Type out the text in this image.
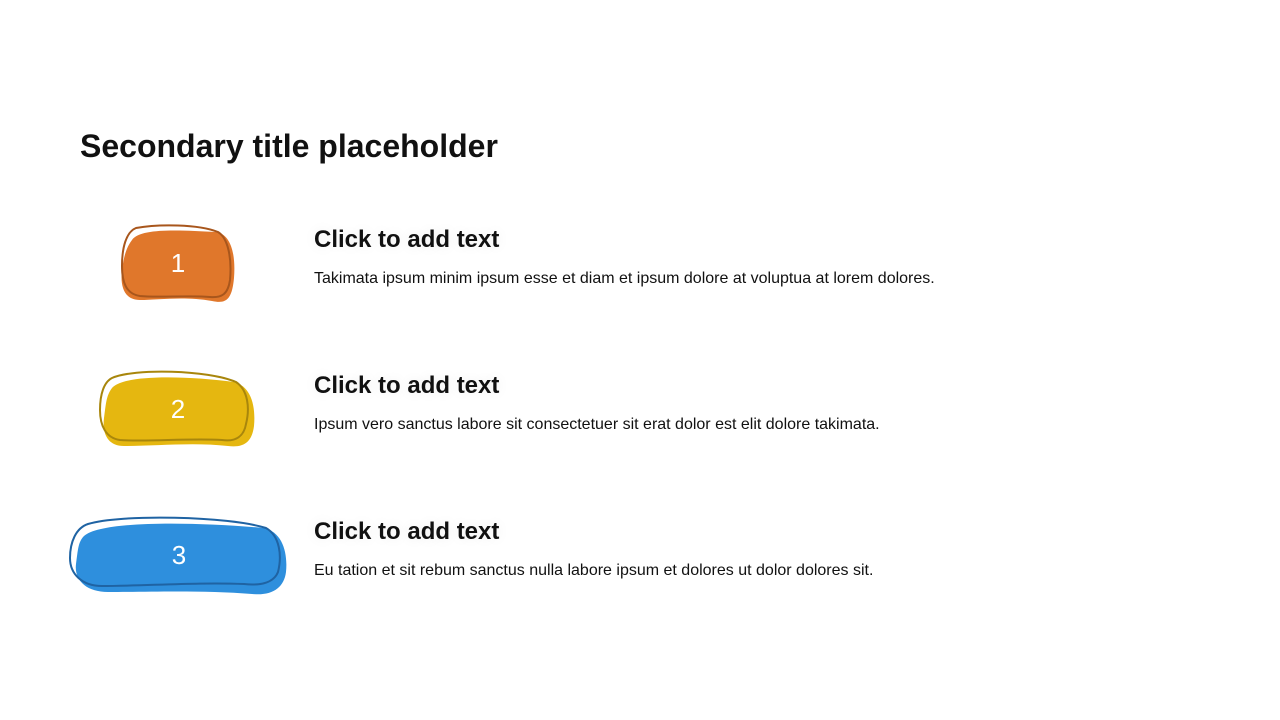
Secondary title placeholder
1
Click to add text
Takimata ipsum minim ipsum esse et diam et ipsum dolore at voluptua at lorem dolores.
2
Click to add text
Ipsum vero sanctus labore sit consectetuer sit erat dolor est elit dolore takimata.
3
Click to add text
Eu tation et sit rebum sanctus nulla labore ipsum et dolores ut dolor dolores sit.
